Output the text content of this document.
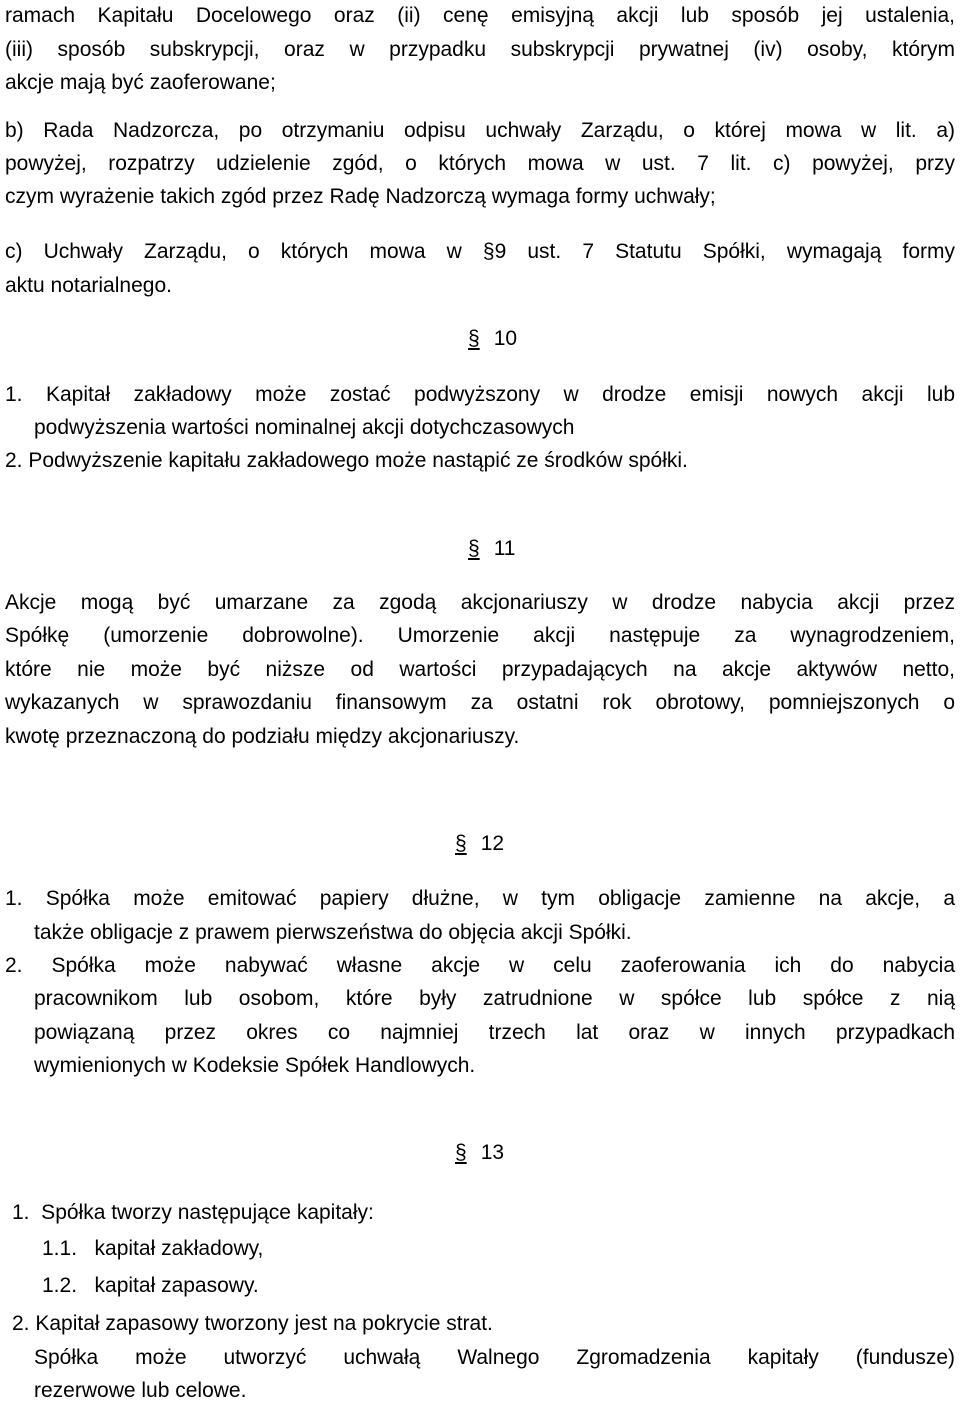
ramach Kapitału Docelowego oraz (ii) cenę emisyjną akcji lub sposób jej ustalenia,

(iii) sposób subskrypcji, oraz w przypadku subskrypcji prywatnej (iv) osoby, którym

akcje mają być zaoferowane;

b) Rada Nadzorcza, po otrzymaniu odpisu uchwały Zarządu, o której mowa w lit. a)

powyżej, rozpatrzy udzielenie zgód, o których mowa w ust. 7 lit. c) powyżej, przy

czym wyrażenie takich zgód przez Radę Nadzorczą wymaga formy uchwały;

c) Uchwały Zarządu, o których mowa w §9 ust. 7 Statutu Spółki, wymagają formy

aktu notarialnego.

§ 10

1. Kapitał zakładowy może zostać podwyższony w drodze emisji nowych akcji lub

podwyższenia wartości nominalnej akcji dotychczasowych

2. Podwyższenie kapitału zakładowego może nastąpić ze środków spółki.

§ 11

Akcje mogą być umarzane za zgodą akcjonariuszy w drodze nabycia akcji przez

Spółkę (umorzenie dobrowolne). Umorzenie akcji następuje za wynagrodzeniem,

które nie może być niższe od wartości przypadających na akcje aktywów netto,

wykazanych w sprawozdaniu finansowym za ostatni rok obrotowy, pomniejszonych o

kwotę przeznaczoną do podziału między akcjonariuszy.

§ 12

1. Spółka może emitować papiery dłużne, w tym obligacje zamienne na akcje, a

także obligacje z prawem pierwszeństwa do objęcia akcji Spółki.

2. Spółka może nabywać własne akcje w celu zaoferowania ich do nabycia

pracownikom lub osobom, które były zatrudnione w spółce lub spółce z nią

powiązaną przez okres co najmniej trzech lat oraz w innych przypadkach

wymienionych w Kodeksie Spółek Handlowych.

§ 13

1.  Spółka tworzy następujące kapitały:

1.1.   kapitał zakładowy,

1.2.   kapitał zapasowy.

2. Kapitał zapasowy tworzony jest na pokrycie strat.

Spółka może utworzyć uchwałą Walnego Zgromadzenia kapitały (fundusze)

rezerwowe lub celowe.
